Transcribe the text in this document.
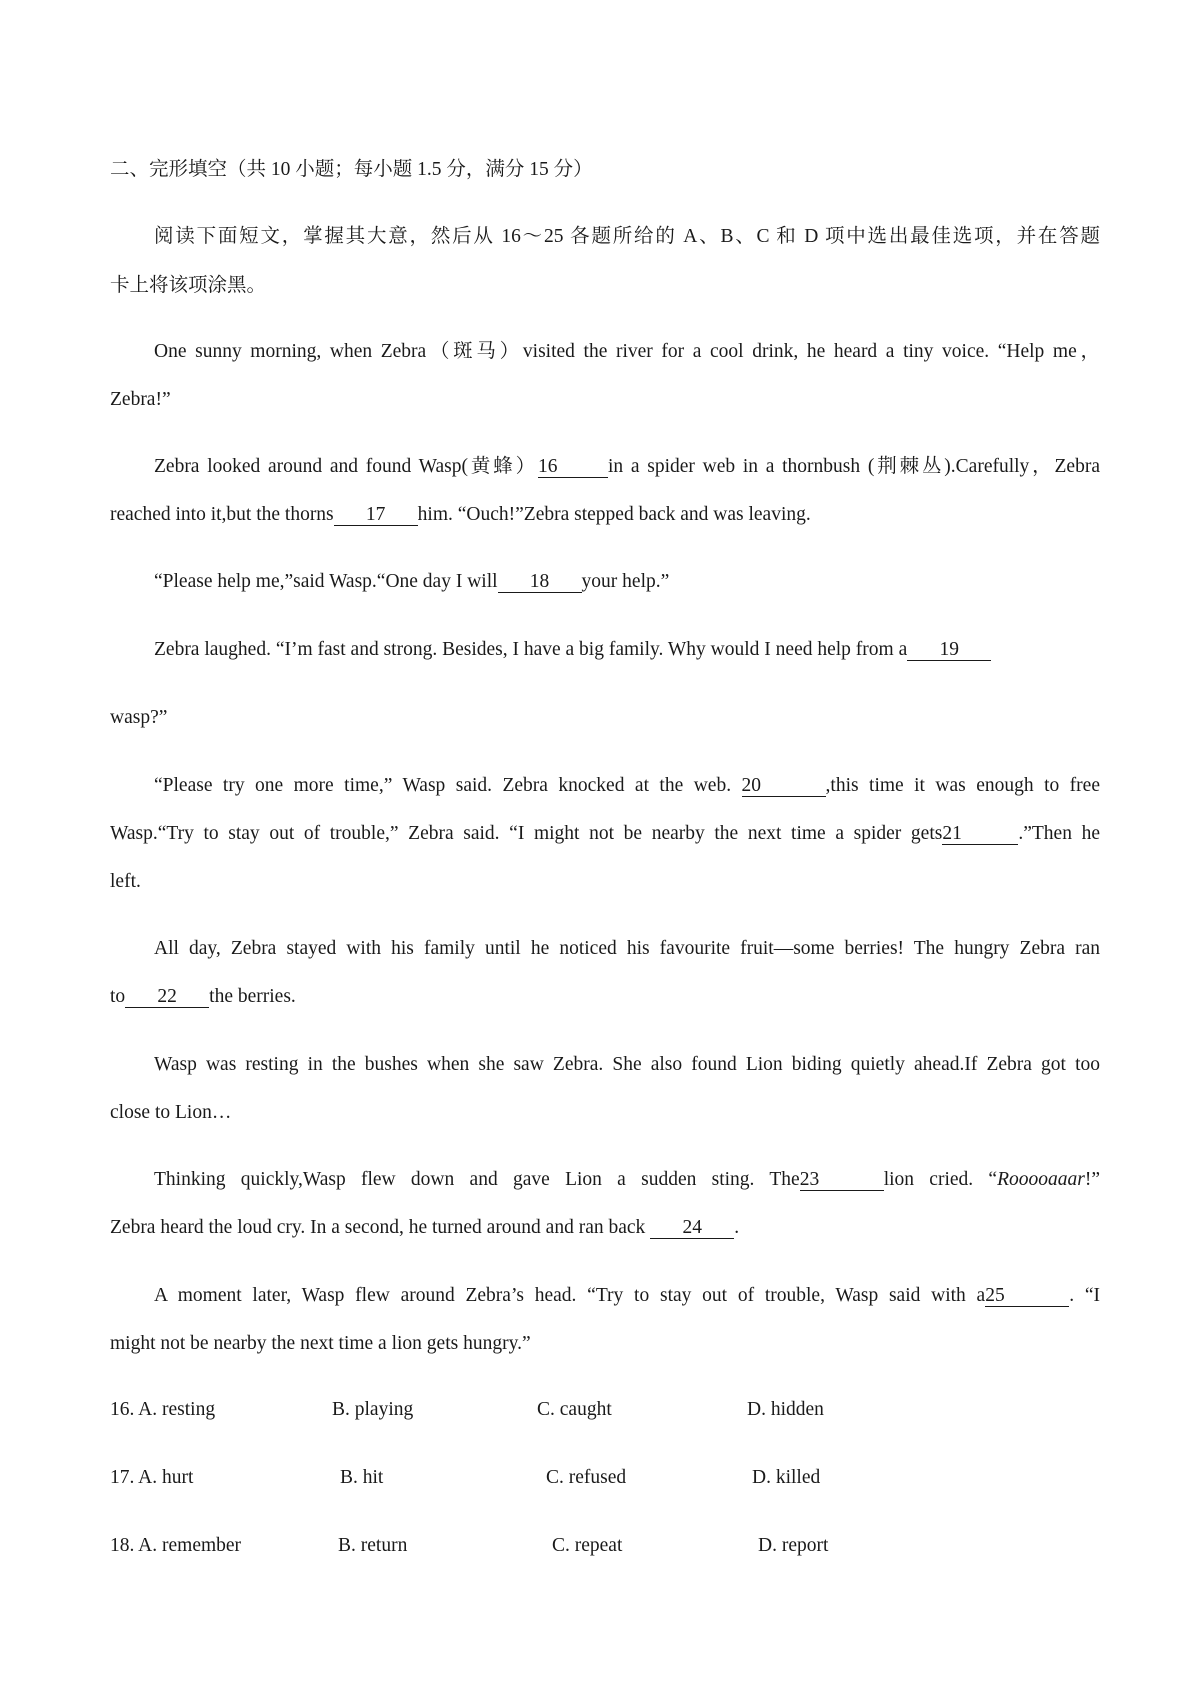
二、完形填空（共 10 小题；每小题 1.5 分，满分 15 分）
阅读下面短文，掌握其大意，然后从 16～25 各题所给的 A、B、C 和 D 项中选出最佳选项，并在答题
卡上将该项涂黑。
One sunny morning, when Zebra（斑马）visited the river for a cool drink, he heard a tiny voice. “Help me，
Zebra!”
Zebra looked around and found Wasp(黄蜂）16	in a spider web in a thornbush (荆棘丛).Carefully，Zebra
reached into it,but the thorns 17 him. “Ouch!”Zebra stepped back and was leaving.
“Please help me,”said Wasp.“One day I will 18 your help.”
Zebra laughed. “I’m fast and strong. Besides, I have a big family. Why would I need help from a 19
wasp?”
“Please try one more time,” Wasp said. Zebra knocked at the web. 20	,this time it was enough to free
Wasp.“Try to stay out of trouble,” Zebra said. “I might not be nearby the next time a spider gets21	.”Then he
left.
All day, Zebra stayed with his family until he noticed his favourite fruit—some berries! The hungry Zebra ran
to 22 the berries.
Wasp was resting in the bushes when she saw Zebra. She also found Lion biding quietly ahead.If Zebra got too
close to Lion…
Thinking quickly,Wasp flew down and gave Lion a sudden sting. The23	lion cried. “Rooooaaar!”
Zebra heard the loud cry. In a second, he turned around and ran back 24 .
A moment later, Wasp flew around Zebra’s head. “Try to stay out of trouble, Wasp said with a25	. “I
might not be nearby the next time a lion gets hungry.”
16. A. resting	B. playing	C. caught	D. hidden
17. A. hurt	B. hit	C. refused	D. killed
18. A. remember	B. return	C. repeat	D. report
